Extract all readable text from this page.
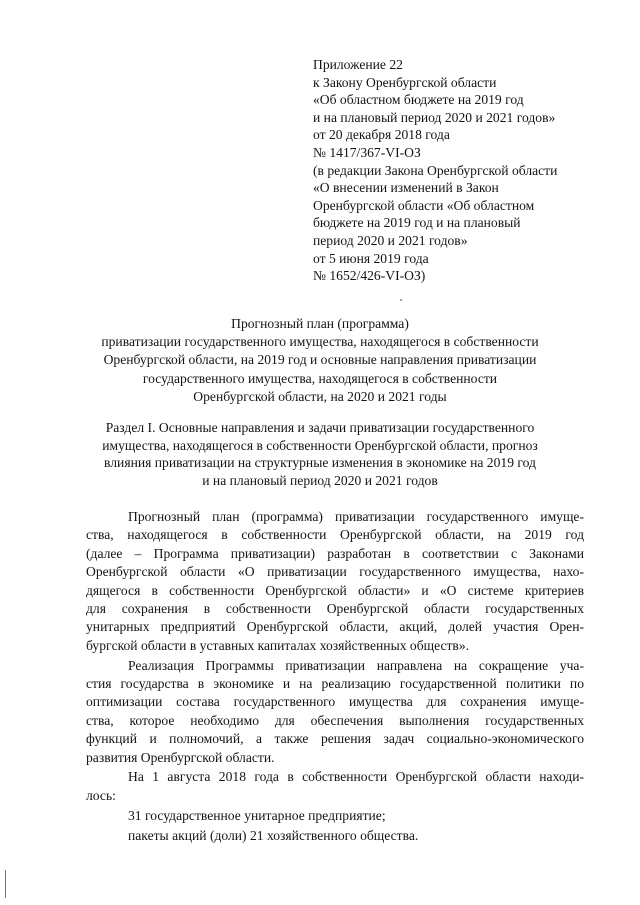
Приложение 22
к Закону Оренбургской области
«Об областном бюджете на 2019 год
и на плановый период 2020 и 2021 годов»
от 20 декабря 2018 года
№ 1417/367-VI-ОЗ
(в редакции Закона Оренбургской области
«О внесении изменений в Закон
Оренбургской области «Об областном
бюджете на 2019 год и на плановый
период 2020 и 2021 годов»
от 5 июня 2019 года
№ 1652/426-VI-ОЗ)
Прогнозный план (программа)
приватизации государственного имущества, находящегося в собственности
Оренбургской области, на 2019 год и основные направления приватизации
государственного имущества, находящегося в собственности
Оренбургской области, на 2020 и 2021 годы
Раздел I. Основные направления и задачи приватизации государственного
имущества, находящегося в собственности Оренбургской области, прогноз
влияния приватизации на структурные изменения в экономике на 2019 год
и на плановый период 2020 и 2021 годов
Прогнозный план (программа) приватизации государственного имуще-
ства, находящегося в собственности Оренбургской области, на 2019 год
(далее – Программа приватизации) разработан в соответствии с Законами
Оренбургской области «О приватизации государственного имущества, нахо-
дящегося в собственности Оренбургской области» и «О системе критериев
для сохранения в собственности Оренбургской области государственных
унитарных предприятий Оренбургской области, акций, долей участия Орен-
бургской области в уставных капиталах хозяйственных обществ».
Реализация Программы приватизации направлена на сокращение уча-
стия государства в экономике и на реализацию государственной политики по
оптимизации состава государственного имущества для сохранения имуще-
ства, которое необходимо для обеспечения выполнения государственных
функций и полномочий, а также решения задач социально-экономического
развития Оренбургской области.
На 1 августа 2018 года в собственности Оренбургской области находи-
лось:
31 государственное унитарное предприятие;
пакеты акций (доли) 21 хозяйственного общества.
